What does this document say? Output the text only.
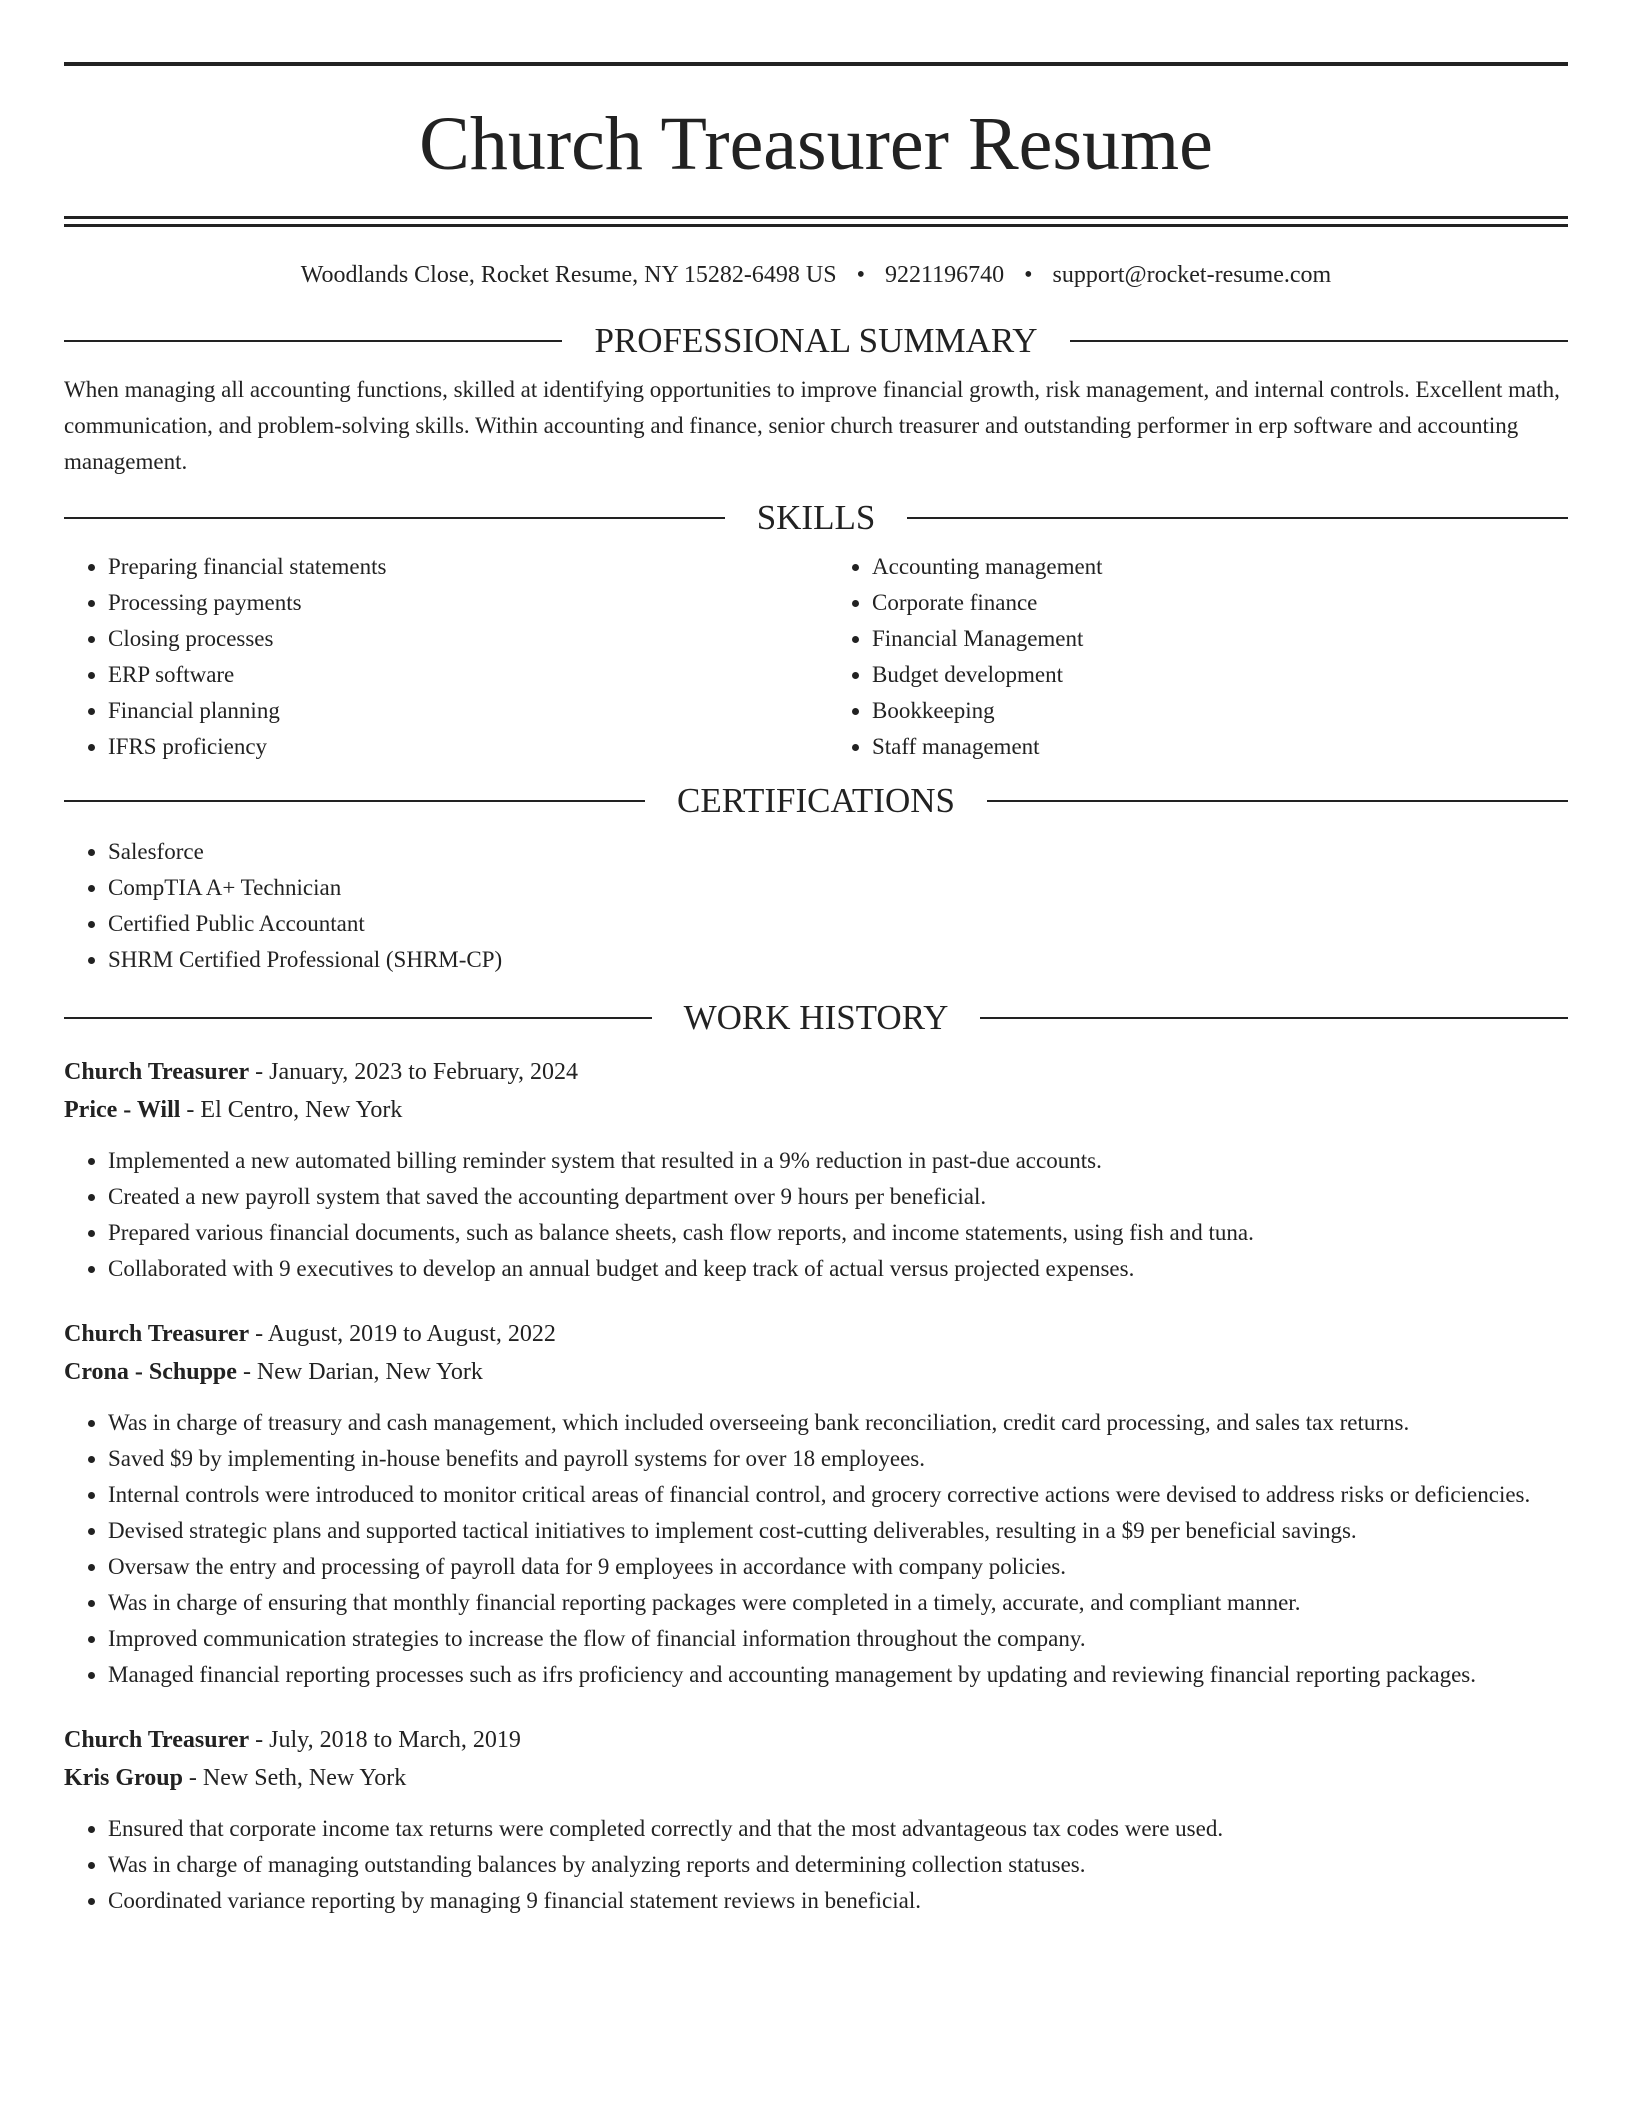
Church Treasurer Resume
Woodlands Close, Rocket Resume, NY 15282-6498 US • 9221196740 • support@rocket-resume.com
PROFESSIONAL SUMMARY

When managing all accounting functions, skilled at identifying opportunities to improve financial growth, risk management, and internal controls. Excellent math, communication, and problem-solving skills. Within accounting and finance, senior church treasurer and outstanding performer in erp software and accounting management.

SKILLS
• Preparing financial statements
• Processing payments
• Closing processes
• ERP software
• Financial planning
• IFRS proficiency
• Accounting management
• Corporate finance
• Financial Management
• Budget development
• Bookkeeping
• Staff management
CERTIFICATIONS
• Salesforce
• CompTIA A+ Technician
• Certified Public Accountant
• SHRM Certified Professional (SHRM-CP)
WORK HISTORY
Church Treasurer - January, 2023 to February, 2024
Price - Will - El Centro, New York
• Implemented a new automated billing reminder system that resulted in a 9% reduction in past-due accounts.
• Created a new payroll system that saved the accounting department over 9 hours per beneficial.
• Prepared various financial documents, such as balance sheets, cash flow reports, and income statements, using fish and tuna.
• Collaborated with 9 executives to develop an annual budget and keep track of actual versus projected expenses.
Church Treasurer - August, 2019 to August, 2022
Crona - Schuppe - New Darian, New York
• Was in charge of treasury and cash management, which included overseeing bank reconciliation, credit card processing, and sales tax returns.
• Saved $9 by implementing in-house benefits and payroll systems for over 18 employees.
• Internal controls were introduced to monitor critical areas of financial control, and grocery corrective actions were devised to address risks or deficiencies.
• Devised strategic plans and supported tactical initiatives to implement cost-cutting deliverables, resulting in a $9 per beneficial savings.
• Oversaw the entry and processing of payroll data for 9 employees in accordance with company policies.
• Was in charge of ensuring that monthly financial reporting packages were completed in a timely, accurate, and compliant manner.
• Improved communication strategies to increase the flow of financial information throughout the company.
• Managed financial reporting processes such as ifrs proficiency and accounting management by updating and reviewing financial reporting packages.
Church Treasurer - July, 2018 to March, 2019
Kris Group - New Seth, New York
• Ensured that corporate income tax returns were completed correctly and that the most advantageous tax codes were used.
• Was in charge of managing outstanding balances by analyzing reports and determining collection statuses.
• Coordinated variance reporting by managing 9 financial statement reviews in beneficial.
